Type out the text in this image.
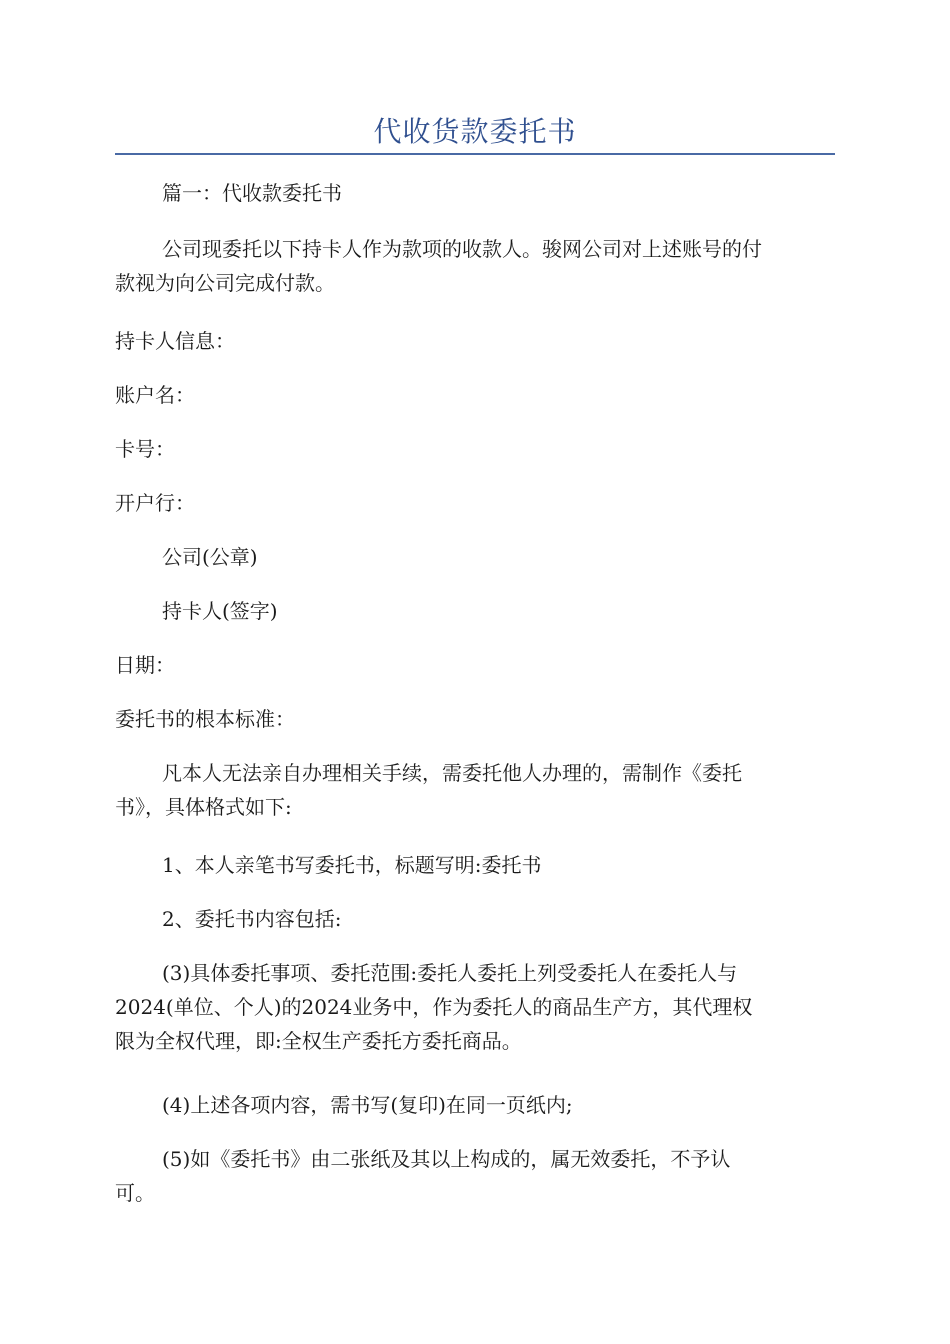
代收货款委托书
篇一：代收款委托书
公司现委托以下持卡人作为款项的收款人。骏网公司对上述账号的付
款视为向公司完成付款。
持卡人信息：
账户名：
卡号：
开户行：
公司(公章)
持卡人(签字)
日期：
委托书的根本标准：
凡本人无法亲自办理相关手续，需委托他人办理的，需制作《委托
书》，具体格式如下:
1、本人亲笔书写委托书，标题写明:委托书
2、委托书内容包括:
(3)具体委托事项、委托范围:委托人委托上列受委托人在委托人与
2024(单位、个人)的2024业务中，作为委托人的商品生产方，其代理权
限为全权代理，即:全权生产委托方委托商品。
(4)上述各项内容，需书写(复印)在同一页纸内;
(5)如《委托书》由二张纸及其以上构成的，属无效委托，不予认
可。
